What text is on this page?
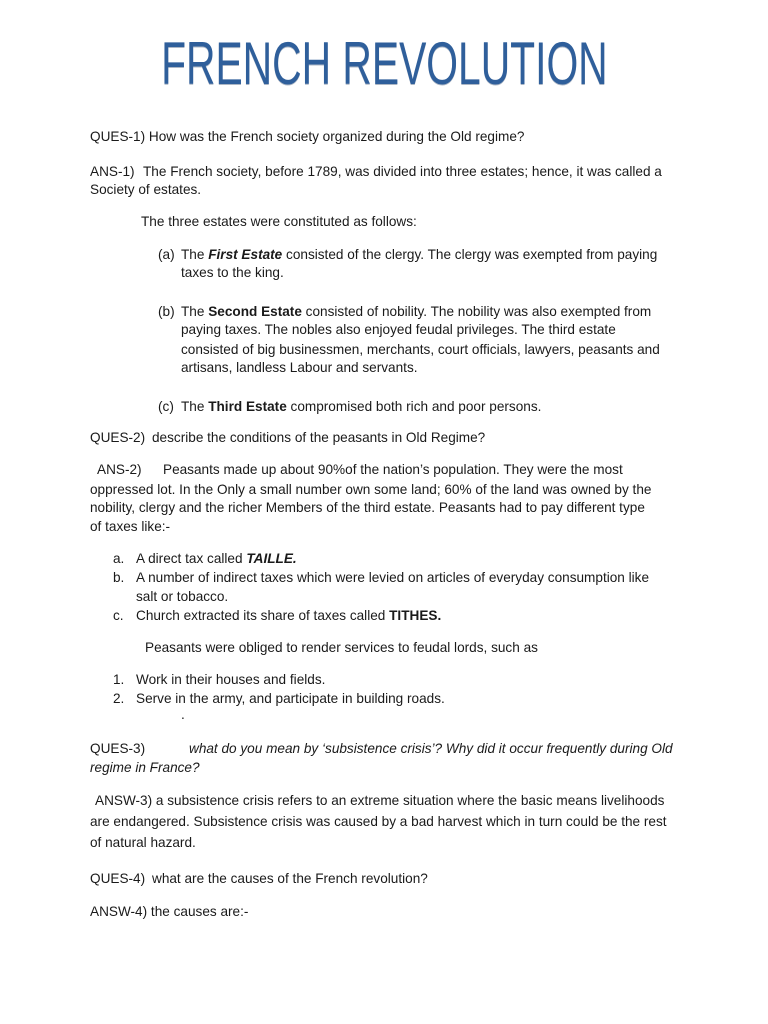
FRENCH REVOLUTION
QUES-1) How was the French society organized during the Old regime?
ANS-1) The French society, before 1789, was divided into three estates; hence, it was called a
Society of estates.
The three estates were constituted as follows:
(a) The First Estate consisted of the clergy. The clergy was exempted from paying
taxes to the king.
(b) The Second Estate consisted of nobility. The nobility was also exempted from
paying taxes. The nobles also enjoyed feudal privileges. The third estate
consisted of big businessmen, merchants, court officials, lawyers, peasants and
artisans, landless Labour and servants.
(c) The Third Estate compromised both rich and poor persons.
QUES-2) describe the conditions of the peasants in Old Regime?
ANS-2) Peasants made up about 90%of the nation’s population. They were the most
oppressed lot. In the Only a small number own some land; 60% of the land was owned by the
nobility, clergy and the richer Members of the third estate. Peasants had to pay different type
of taxes like:-
a. A direct tax called TAILLE.
b. A number of indirect taxes which were levied on articles of everyday consumption like
salt or tobacco.
c. Church extracted its share of taxes called TITHES.
Peasants were obliged to render services to feudal lords, such as
1. Work in their houses and fields.
2. Serve in the army, and participate in building roads.
.
QUES-3)	what do you mean by ‘subsistence crisis’? Why did it occur frequently during Old
regime in France?
ANSW-3) a subsistence crisis refers to an extreme situation where the basic means livelihoods
are endangered. Subsistence crisis was caused by a bad harvest which in turn could be the rest
of natural hazard.
QUES-4) what are the causes of the French revolution?
ANSW-4) the causes are:-
